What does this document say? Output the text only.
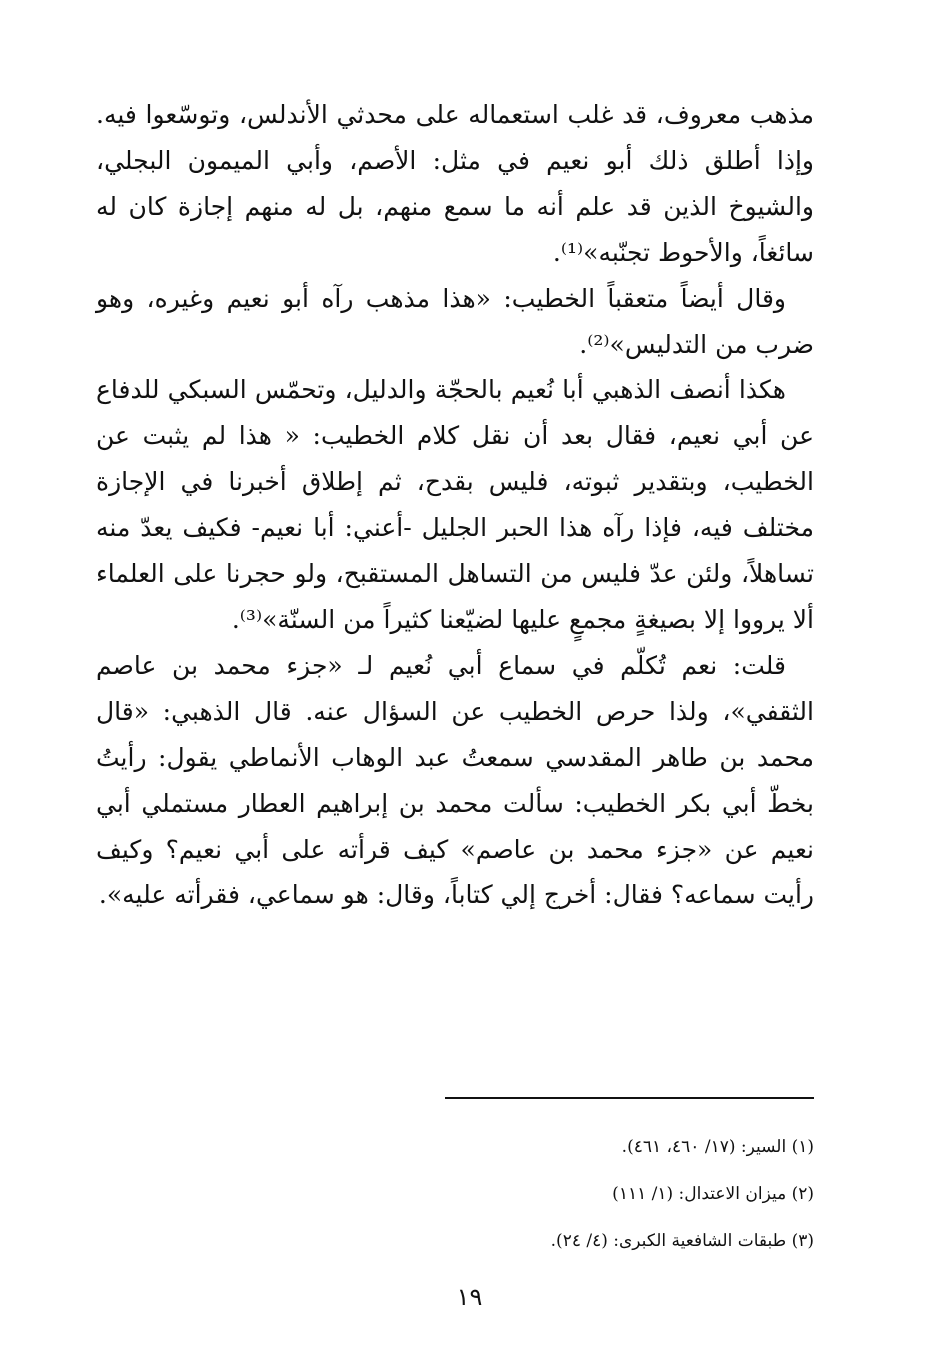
مذهب معروف، قد غلب استعماله على محدثي الأندلس، وتوسّعوا فيه. وإذا أطلق ذلك أبو نعيم في مثل: الأصم، وأبي الميمون البجلي، والشيوخ الذين قد علم أنه ما سمع منهم، بل له منهم إجازة كان له سائغاً، والأحوط تجنّبه»⁽¹⁾.

وقال أيضاً متعقباً الخطيب: «هذا مذهب رآه أبو نعيم وغيره، وهو ضرب من التدليس»⁽²⁾.

هكذا أنصف الذهبي أبا نُعيم بالحجّة والدليل، وتحمّس السبكي للدفاع عن أبي نعيم، فقال بعد أن نقل كلام الخطيب: « هذا لم يثبت عن الخطيب، وبتقدير ثبوته، فليس بقدح، ثم إطلاق أخبرنا في الإجازة مختلف فيه، فإذا رآه هذا الحبر الجليل -أعني: أبا نعيم- فكيف يعدّ منه تساهلاً، ولئن عدّ فليس من التساهل المستقبح، ولو حجرنا على العلماء ألا يرووا إلا بصيغةٍ مجمعٍ عليها لضيّعنا كثيراً من السنّة»⁽³⁾.

قلت: نعم تُكلّم في سماع أبي نُعيم لـ «جزء محمد بن عاصم الثقفي»، ولذا حرص الخطيب عن السؤال عنه. قال الذهبي: «قال محمد بن طاهر المقدسي سمعتُ عبد الوهاب الأنماطي يقول: رأيتُ بخطّ أبي بكر الخطيب: سألت محمد بن إبراهيم العطار مستملي أبي نعيم عن «جزء محمد بن عاصم» كيف قرأته على أبي نعيم؟ وكيف رأيت سماعه؟ فقال: أخرج إلي كتاباً، وقال: هو سماعي، فقرأته عليه».

(١) السير: (١٧/ ٤٦٠، ٤٦١).

(٢) ميزان الاعتدال: (١/ ١١١)

(٣) طبقات الشافعية الكبرى: (٤/ ٢٤).

١٩
